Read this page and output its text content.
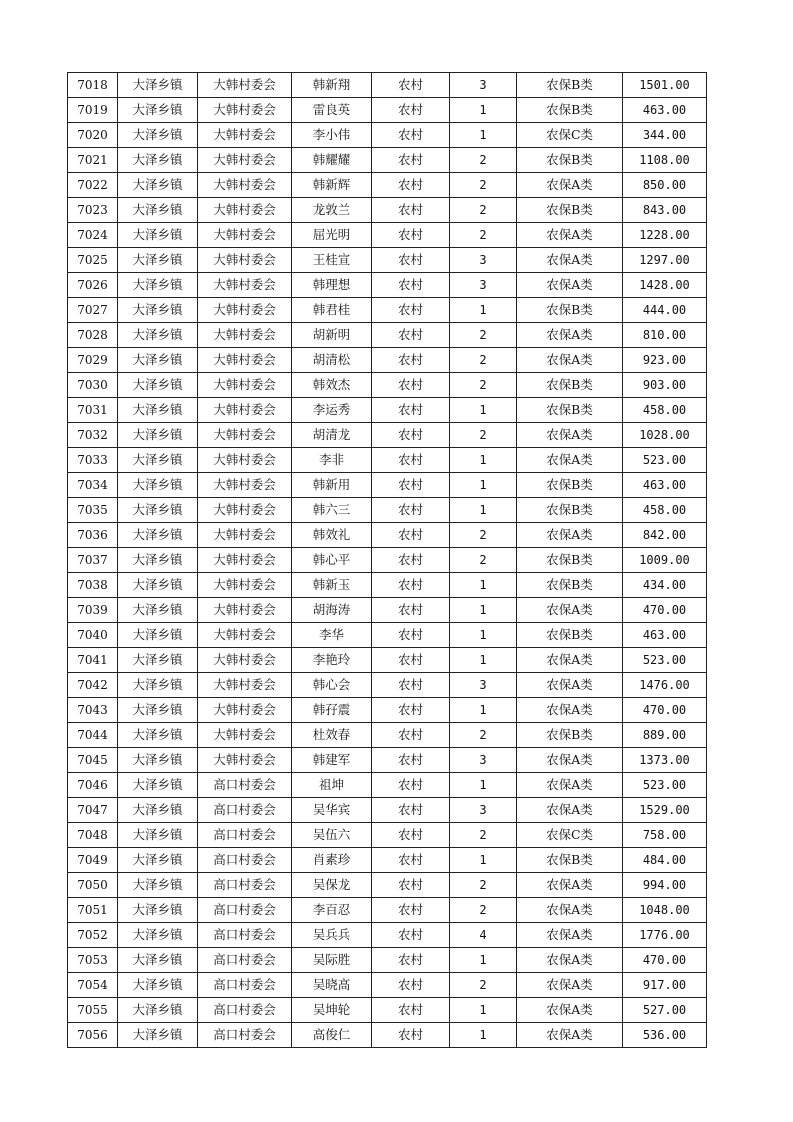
7018	大泽乡镇	大韩村委会	韩新翔	农村	3	农保B类	1501.00
7019	大泽乡镇	大韩村委会	雷良英	农村	1	农保B类	463.00
7020	大泽乡镇	大韩村委会	李小伟	农村	1	农保C类	344.00
7021	大泽乡镇	大韩村委会	韩耀耀	农村	2	农保B类	1108.00
7022	大泽乡镇	大韩村委会	韩新辉	农村	2	农保A类	850.00
7023	大泽乡镇	大韩村委会	龙敦兰	农村	2	农保B类	843.00
7024	大泽乡镇	大韩村委会	屈光明	农村	2	农保A类	1228.00
7025	大泽乡镇	大韩村委会	王桂宣	农村	3	农保A类	1297.00
7026	大泽乡镇	大韩村委会	韩理想	农村	3	农保A类	1428.00
7027	大泽乡镇	大韩村委会	韩君桂	农村	1	农保B类	444.00
7028	大泽乡镇	大韩村委会	胡新明	农村	2	农保A类	810.00
7029	大泽乡镇	大韩村委会	胡清松	农村	2	农保A类	923.00
7030	大泽乡镇	大韩村委会	韩效杰	农村	2	农保B类	903.00
7031	大泽乡镇	大韩村委会	李运秀	农村	1	农保B类	458.00
7032	大泽乡镇	大韩村委会	胡清龙	农村	2	农保A类	1028.00
7033	大泽乡镇	大韩村委会	李非	农村	1	农保A类	523.00
7034	大泽乡镇	大韩村委会	韩新用	农村	1	农保B类	463.00
7035	大泽乡镇	大韩村委会	韩六三	农村	1	农保B类	458.00
7036	大泽乡镇	大韩村委会	韩效礼	农村	2	农保A类	842.00
7037	大泽乡镇	大韩村委会	韩心平	农村	2	农保B类	1009.00
7038	大泽乡镇	大韩村委会	韩新玉	农村	1	农保B类	434.00
7039	大泽乡镇	大韩村委会	胡海涛	农村	1	农保A类	470.00
7040	大泽乡镇	大韩村委会	李华	农村	1	农保B类	463.00
7041	大泽乡镇	大韩村委会	李艳玲	农村	1	农保A类	523.00
7042	大泽乡镇	大韩村委会	韩心会	农村	3	农保A类	1476.00
7043	大泽乡镇	大韩村委会	韩孖震	农村	1	农保A类	470.00
7044	大泽乡镇	大韩村委会	杜效春	农村	2	农保B类	889.00
7045	大泽乡镇	大韩村委会	韩建军	农村	3	农保A类	1373.00
7046	大泽乡镇	高口村委会	祖坤	农村	1	农保A类	523.00
7047	大泽乡镇	高口村委会	吴华宾	农村	3	农保A类	1529.00
7048	大泽乡镇	高口村委会	吴伍六	农村	2	农保C类	758.00
7049	大泽乡镇	高口村委会	肖素珍	农村	1	农保B类	484.00
7050	大泽乡镇	高口村委会	吴保龙	农村	2	农保A类	994.00
7051	大泽乡镇	高口村委会	李百忍	农村	2	农保A类	1048.00
7052	大泽乡镇	高口村委会	吴兵兵	农村	4	农保A类	1776.00
7053	大泽乡镇	高口村委会	吴际胜	农村	1	农保A类	470.00
7054	大泽乡镇	高口村委会	吴晓高	农村	2	农保A类	917.00
7055	大泽乡镇	高口村委会	吴坤轮	农村	1	农保A类	527.00
7056	大泽乡镇	高口村委会	高俊仁	农村	1	农保A类	536.00
